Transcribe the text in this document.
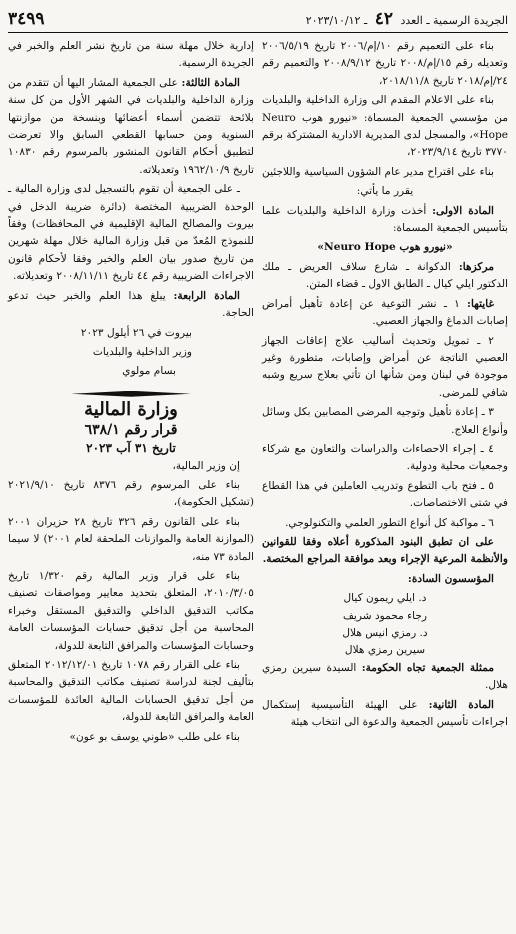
الجريدة الرسمية ـ العدد ٤٢ ـ ٢٠٢٣/١٠/١٢
٣٤٩٩

بناء على التعميم رقم ١٠/إم/٢٠٠٦ تاريخ ٢٠٠٦/٥/١٩ وتعديله رقم ١٥/إم/٢٠٠٨ تاريخ ٢٠٠٨/٩/١٢ والتعميم رقم ٢٤/إم/٢٠١٨ تاريخ ٢٠١٨/١١/٨،

بناء على الاعلام المقدم الى وزارة الداخلية والبلديات من مؤسسي الجمعية المسماة: «نيورو هوب Neuro Hope»، والمسجل لدى المديرية الادارية المشتركة برقم ٣٧٧٠ تاريخ ٢٠٢٣/٩/١٤،

بناء على اقتراح مدير عام الشؤون السياسية واللاجئين

يقرر ما يأتي:

المادة الاولى: أخذت وزارة الداخلية والبلديات علما بتأسيس الجمعية المسماة:

«نيورو هوب Neuro Hope»

مركزها: الدكوانة ـ شارع سلاف العريض ـ ملك الدكتور ايلي كيال ـ الطابق الاول ـ قضاء المتن.

غايتها: ١ ـ نشر التوعية عن إعادة تأهيل أمراض إصابات الدماغ والجهاز العصبي.

٢ ـ تمويل وتحديث أساليب علاج إعاقات الجهاز العصبي الناتجة عن أمراض وإصابات، متطورة وغير موجودة في لبنان ومن شأنها ان تأتي بعلاج سريع وشبه شافي للمرضى.

٣ ـ إعادة تأهيل وتوجيه المرضى المصابين بكل وسائل وأنواع العلاج.

٤ ـ إجراء الاحصاءات والدراسات والتعاون مع شركاء وجمعيات محلية ودولية.

٥ ـ فتح باب التطوع وتدريب العاملين في هذا القطاع في شتى الاختصاصات.

٦ ـ مواكبة كل أنواع التطور العلمي والتكنولوجي.

على ان تطبق البنود المذكورة أعلاه وفقا للقوانين والأنظمة المرعية الإجراء وبعد موافقة المراجع المختصة.

المؤسسون السادة:

د. ايلي ريمون كيال
رجاء محمود شريف
د. رمزي انيس هلال
سيرين رمزي هلال

ممثلة الجمعية تجاه الحكومة: السيدة سيرين رمزي هلال.

المادة الثانية: على الهيئة التأسيسية إستكمال اجراءات تأسيس الجمعية والدعوة الى انتخاب هيئة

إدارية خلال مهلة سنة من تاريخ نشر العلم والخبر في الجريدة الرسمية.

المادة الثالثة: على الجمعية المشار اليها أن تتقدم من وزارة الداخلية والبلديات في الشهر الأول من كل سنة بلائحة تتضمن أسماء أعضائها وبنسخة من موازنتها السنوية ومن حسابها القطعي السابق والا تعرضت لتطبيق أحكام القانون المنشور بالمرسوم رقم ١٠٨٣٠ تاريخ ١٩٦٢/١٠/٩ وتعديلاته.

ـ على الجمعية أن تقوم بالتسجيل لدى وزارة المالية ـ الوحدة الضريبية المختصة (دائرة ضريبة الدخل في بيروت والمصالح المالية الإقليمية في المحافظات) وفقاً للنموذج المُعدّ من قبل وزارة المالية خلال مهلة شهرين من تاريخ صدور بيان العلم والخبر وفقا لأحكام قانون الاجراءات الضريبية رقم ٤٤ تاريخ ٢٠٠٨/١١/١١ وتعديلاته.

المادة الرابعة: يبلغ هذا العلم والخبر حيث تدعو الحاجة.

بيروت في ٢٦ أيلول ٢٠٢٣

وزير الداخلية والبلديات

بسام مولوي

وزارة المالية
قرار رقم ٦٣٨/١
تاريخ ٣١ آب ٢٠٢٣

إن وزير المالية،

بناء على المرسوم رقم ٨٣٧٦ تاريخ ٢٠٢١/٩/١٠ (تشكيل الحكومة)،

بناء على القانون رقم ٣٢٦ تاريخ ٢٨ حزيران ٢٠٠١ (الموازنة العامة والموازنات الملحقة لعام ٢٠٠١) لا سيما المادة ٧٣ منه،

بناء على قرار وزير المالية رقم ١/٣٢٠ تاريخ ٢٠١٠/٣/٠٥، المتعلق بتحديد معايير ومواصفات تصنيف مكاتب التدقيق الداخلي والتدقيق المستقل وخبراء المحاسبة من أجل تدقيق حسابات المؤسسات العامة وحسابات المؤسسات والمرافق التابعة للدولة،

بناء على القرار رقم ١٠٧٨ تاريخ ٢٠١٢/١٢/٠١ المتعلق بتأليف لجنة لدراسة تصنيف مكاتب التدقيق والمحاسبة من أجل تدقيق الحسابات المالية العائدة للمؤسسات العامة والمرافق التابعة للدولة،

بناء على طلب «طوني يوسف بو عون»
